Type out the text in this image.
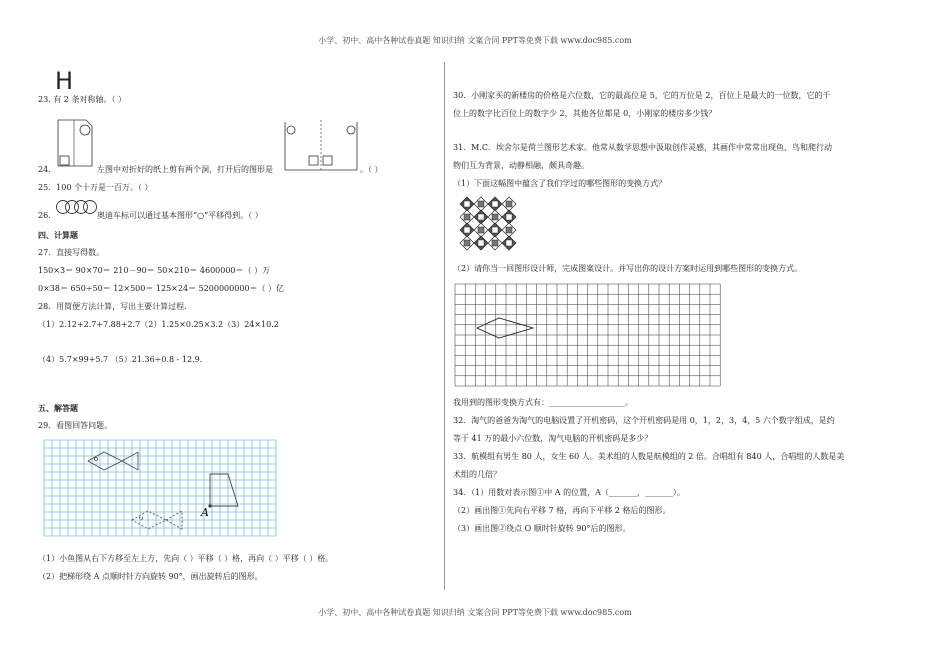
小学、初中、高中各种试卷真题 知识归纳 文案合同 PPT等免费下载 www.doc985.com
H
23. 有 2 条对称轴。（ ）
24.	左图中对折好的纸上剪有两个洞，打开后的图形是	。（ ）
25．100 个十万是一百万。（ ）
26.	奥迪车标可以通过基本图形“○”平移得到。（ ）
四、计算题
27．直接写得数。
150×3＝ 90×70＝ 210－90＝ 50×210＝ 4600000＝（ ）万
0×38＝ 650÷50＝ 12×500＝ 125×24＝ 5200000000＝（ ）亿
28．用简便方法计算，写出主要计算过程.
（1）2.12+2.7+7.88+2.7（2）1.25×0.25×3.2（3）24×10.2
（4）5.7×99+5.7 （5）21.36÷0.8 - 12.9.
五、解答题
29．看图回答问题。
A
（1）小鱼图从右下方移至左上方，先向（ ）平移（ ）格，再向（ ）平移（ ）格。
（2）把梯形绕 A 点顺时针方向旋转 90°，画出旋转后的图形。
30．小刚家买的新楼房的价格是六位数，它的最高位是 5，它的万位是 2，百位上是最大的一位数，它的千
位上的数字比百位上的数字少 2，其他各位都是 0，小刚家的楼房多少钱？
31．M.C．埃舍尔是荷兰图形艺术家。他常从数学思想中汲取创作灵感，其画作中常常出现鱼、鸟和爬行动
物们互为背景，动静相融，颇具奇趣。
（1）下面这幅图中蕴含了我们学过的哪些图形的变换方式？
（2）请你当一回图形设计师，完成图案设计。并写出你的设计方案时运用到哪些图形的变换方式。
我用到的图形变换方式有：___________________。
32．淘气的爸爸为淘气的电脑设置了开机密码，这个开机密码是用 0，1，2，3，4，5 六个数字组成，是约
等于 41 万的最小六位数，淘气电脑的开机密码是多少？
33．航模组有男生 80 人，女生 60 人。美术组的人数是航模组的 2 倍。合唱组有 840 人，合唱组的人数是美
术组的几倍？
34．（1）用数对表示图①中 A 的位置，A（_______，_______）。
（2）画出图①先向右平移 7 格，再向下平移 2 格后的图形。
（3）画出图②绕点 O 顺时针旋转 90°后的图形。
小学、初中、高中各种试卷真题 知识归纳 文案合同 PPT等免费下载 www.doc985.com
